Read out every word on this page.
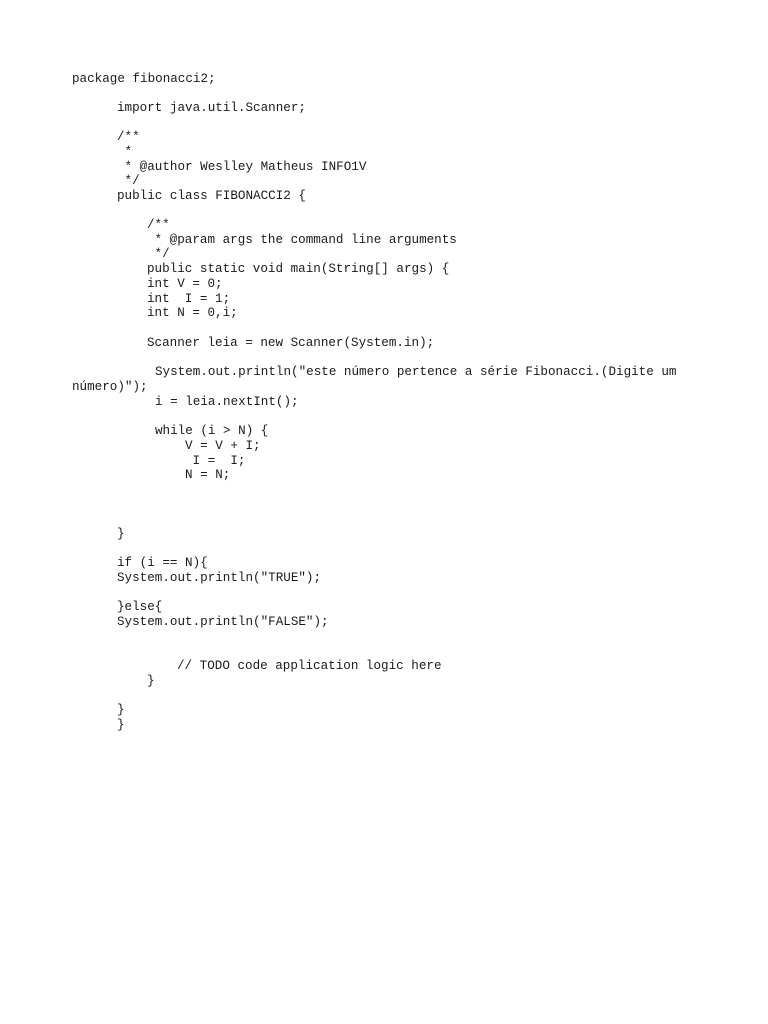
package fibonacci2;
import java.util.Scanner;
/**
*
* @author Weslley Matheus INFO1V
*/
public class FIBONACCI2 {
/**
* @param args the command line arguments
*/
public static void main(String[] args) {
int V = 0;
int  I = 1;
int N = 0,i;
Scanner leia = new Scanner(System.in);
System.out.println("este número pertence a série Fibonacci.(Digite um
número)");
i = leia.nextInt();
while (i > N) {
V = V + I;
I =  I;
N = N;
}
if (i == N){
System.out.println("TRUE");
}else{
System.out.println("FALSE");
// TODO code application logic here
}
}
}
